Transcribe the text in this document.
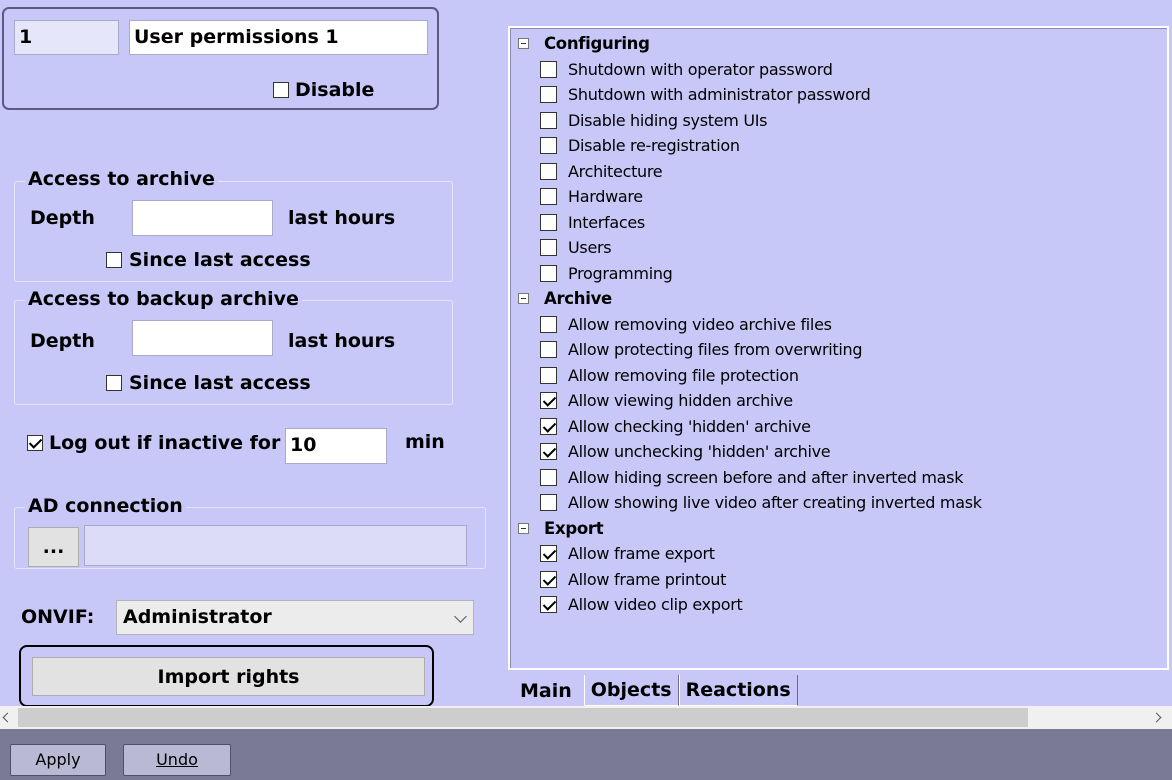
1	User permissions 1
Disable
Access to archive
Depth	last hours
Since last access
Access to backup archive
Depth	last hours
Since last access
Log out if inactive for 10	min
AD connection
...
ONVIF:	Administrator
Import rights
Configuring
Shutdown with operator password
Shutdown with administrator password
Disable hiding system UIs
Disable re-registration
Architecture
Hardware
Interfaces
Users
Programming
Archive
Allow removing video archive files
Allow protecting files from overwriting
Allow removing file protection
Allow viewing hidden archive
Allow checking 'hidden' archive
Allow unchecking 'hidden' archive
Allow hiding screen before and after inverted mask
Allow showing live video after creating inverted mask
Export
Allow frame export
Allow frame printout
Allow video clip export
Main	Objects Reactions
Apply	Undo
